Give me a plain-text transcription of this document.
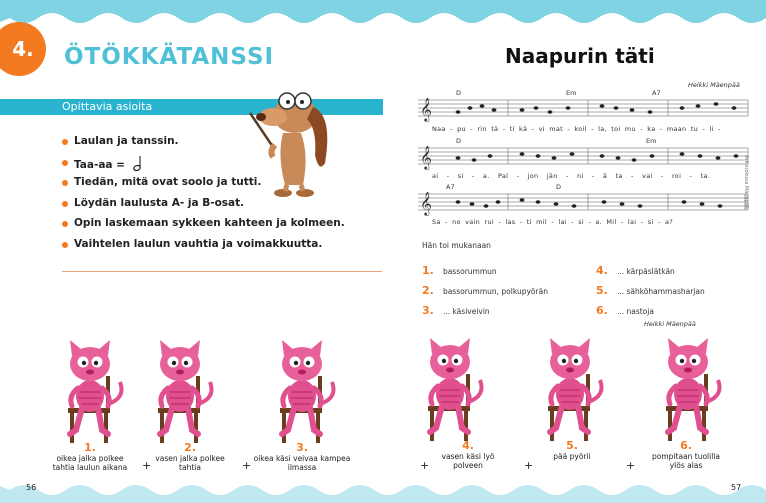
4. ÖTÖKKÄTANSSI
Opittavia asioita
Laulan ja tanssin.
Taa-aa =
Tiedän, mitä ovat soolo ja tutti.
Löydän laulusta A- ja B-osat.
Opin laskemaan sykkeen kahteen ja kolmeen.
Vaihtelen laulun vauhtia ja voimakkuutta.
Naapurin täti
Heikki Mäenpää
𝄞
𝄞
𝄞
D	Em	A7
D	Em
A7	D
Naa - pu - rin tä - ti kä - vi mat - koil - la, toi mu - ka - maan tu - li -
ai - si - a. Pal - jon jän - ni - ä ta - vai - roi - ta.
Sa - no vain rui - las - ti mil - lai - si - a. Mil - lai - si - a?
Arkistokuva Mäenpää
Hän toi mukanaan
1. bassorummun
2. bassorummun, polkupyörän
3. ... käsiveivin
4. ... kärpäslätkän
5. ... sähköhammasharjan
6. ... nastoja
Heikki Mäenpää
1.
oikea jalka polkee tahtia laulun aikana	+
2.
vasen jalka polkee tahtia	+
3.
oikea käsi veivaa kampea ilmassa
56
+
4.
vasen käsi lyö polveen	+
5.
pää pyörii
+
6.
pompitaan tuolilla ylös alas
57
